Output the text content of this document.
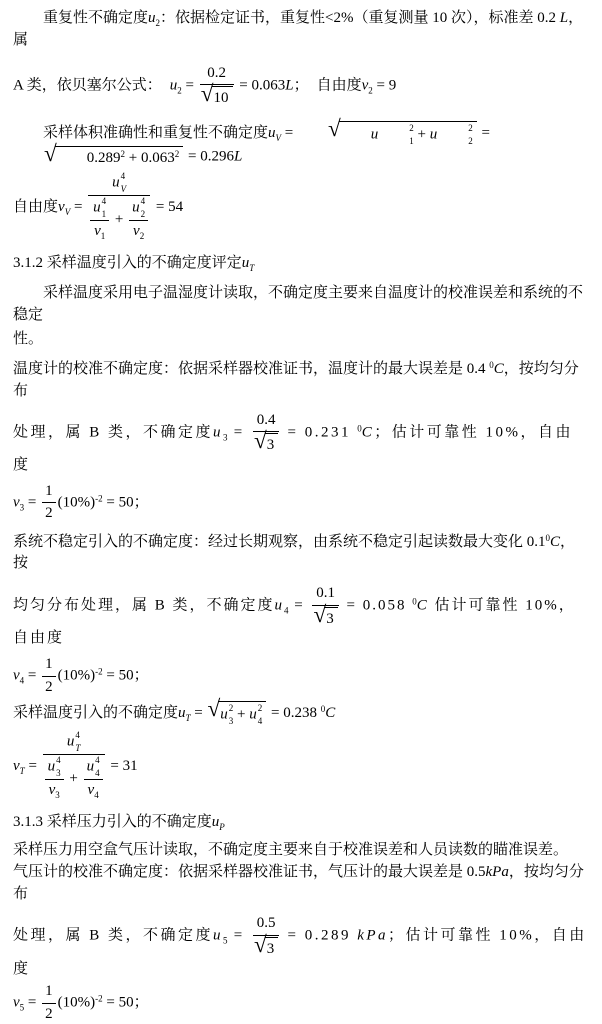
重复性不确定度$u_2$：依据检定证书，重复性<2%（重复测量 10 次），标准差 0.2 L，属
A 类，依贝塞尔公式： $u_2 = \frac{0.2}{√ 10} = 0.063L$； 自由度$\nu_2 = 9$
采样体积准确性和重复性不确定度$u_V$ =	√	u	2
1 + u	2
2
=
√	$0.289^2 + 0.063^2 = 0.296L$
自由度$\nu_V = u$ 4
V
u 4
1
$\nu_1 + u$ 4
2
$\nu_2 = 54$
3.1.2 采样温度引入的不确定度评定$u_T$
采样温度采用电子温湿度计读取，不确定度主要来自温度计的校准误差和系统的不稳定
性。
温度计的校准不确定度：依据采样器校准证书，温度计的最大误差是 0.4 $^0$C，按均匀分布
处理，属 B 类，不确定度$u_3 = \frac{0.4}{√ 3} = 0.231$ $^0$C；估计可靠性 10%，自由度
$\nu_3 = \frac{1}{2} (10\%)^{-2} = 50$；
系统不稳定引入的不确定度：经过长期观察，由系统不稳定引起读数最大变化 $0.1^0C$，按
均匀分布处理，属 B 类，不确定度$u_4 = \frac{0.1}{√ 3} = 0.058$ $^0$C 估计可靠性 10%，自由度
$\nu_4 = \frac{1}{2} (10\%)^{-2} = 50$；
采样温度引入的不确定度$u_T$ = √ u 2
3 + u 2
4
= 0.238 $^0$C
$\nu_T = u$ 4
T
u 4
3
$\nu_3 + u$ 4
4
$\nu_4 = 31$
3.1.3 采样压力引入的不确定度$u_P$
采样压力用空盒气压计读取，不确定度主要来自于校准误差和人员读数的瞄准误差。
气压计的校准不确定度：依据采样器校准证书，气压计的最大误差是 0.5kPa，按均匀分布
处理，属 B 类，不确定度$u_5 = \frac{0.5}{√ 3} = 0.289$ kPa；估计可靠性 10%，自由度
$\nu_5 = \frac{1}{2} (10\%)^{-2} = 50$；
